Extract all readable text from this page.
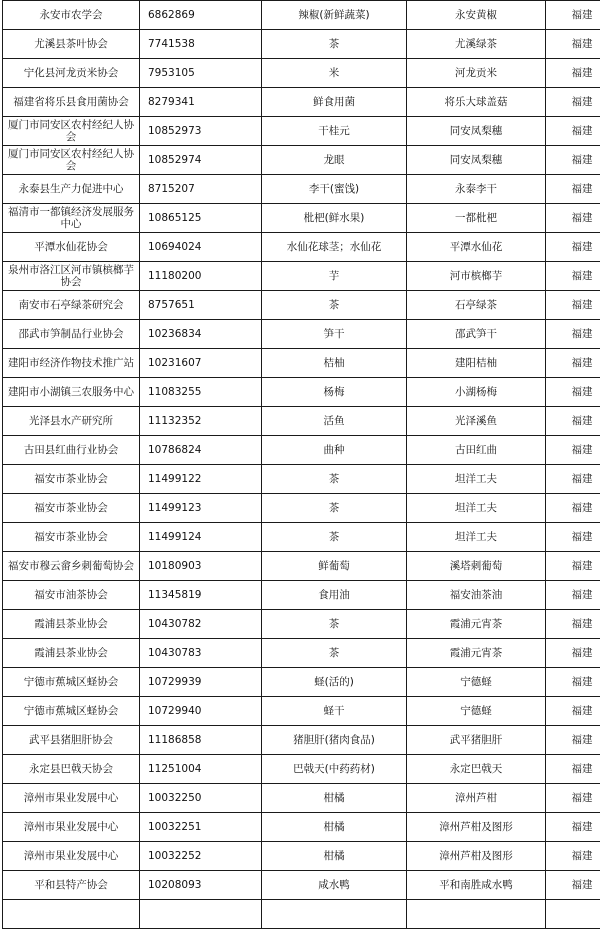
永安市农学会	6862869	辣椒(新鲜蔬菜)	永安黄椒	福建
尤溪县茶叶协会	7741538	茶	尤溪绿茶	福建
宁化县河龙贡米协会	7953105	米	河龙贡米	福建
福建省将乐县食用菌协会	8279341	鲜食用菌	将乐大球盖菇	福建
厦门市同安区农村经纪人协会	10852973	干桂元	同安凤梨穗	福建
厦门市同安区农村经纪人协会	10852974	龙眼	同安凤梨穗	福建
永泰县生产力促进中心	8715207	李干(蜜饯)	永泰李干	福建
福清市一都镇经济发展服务中心	10865125	枇杷(鲜水果)	一都枇杷	福建
平潭水仙花协会	10694024	水仙花球茎；水仙花	平潭水仙花	福建
泉州市洛江区河市镇槟榔芋协会	11180200	芋	河市槟榔芋	福建
南安市石亭绿茶研究会	8757651	茶	石亭绿茶	福建
邵武市笋制品行业协会	10236834	笋干	邵武笋干	福建
建阳市经济作物技术推广站	10231607	桔柚	建阳桔柚	福建
建阳市小湖镇三农服务中心	11083255	杨梅	小湖杨梅	福建
光泽县水产研究所	11132352	活鱼	光泽溪鱼	福建
古田县红曲行业协会	10786824	曲种	古田红曲	福建
福安市茶业协会	11499122	茶	坦洋工夫	福建
福安市茶业协会	11499123	茶	坦洋工夫	福建
福安市茶业协会	11499124	茶	坦洋工夫	福建
福安市穆云畲乡刺葡萄协会	10180903	鲜葡萄	溪塔刺葡萄	福建
福安市油茶协会	11345819	食用油	福安油茶油	福建
霞浦县茶业协会	10430782	茶	霞浦元宵茶	福建
霞浦县茶业协会	10430783	茶	霞浦元宵茶	福建
宁德市蕉城区蛏协会	10729939	蛏(活的)	宁德蛏	福建
宁德市蕉城区蛏协会	10729940	蛏干	宁德蛏	福建
武平县猪胆肝协会	11186858	猪胆肝(猪肉食品)	武平猪胆肝	福建
永定县巴戟天协会	11251004	巴戟天(中药药材)	永定巴戟天	福建
漳州市果业发展中心	10032250	柑橘	漳州芦柑	福建
漳州市果业发展中心	10032251	柑橘	漳州芦柑及图形	福建
漳州市果业发展中心	10032252	柑橘	漳州芦柑及图形	福建
平和县特产协会	10208093	咸水鸭	平和南胜咸水鸭	福建
